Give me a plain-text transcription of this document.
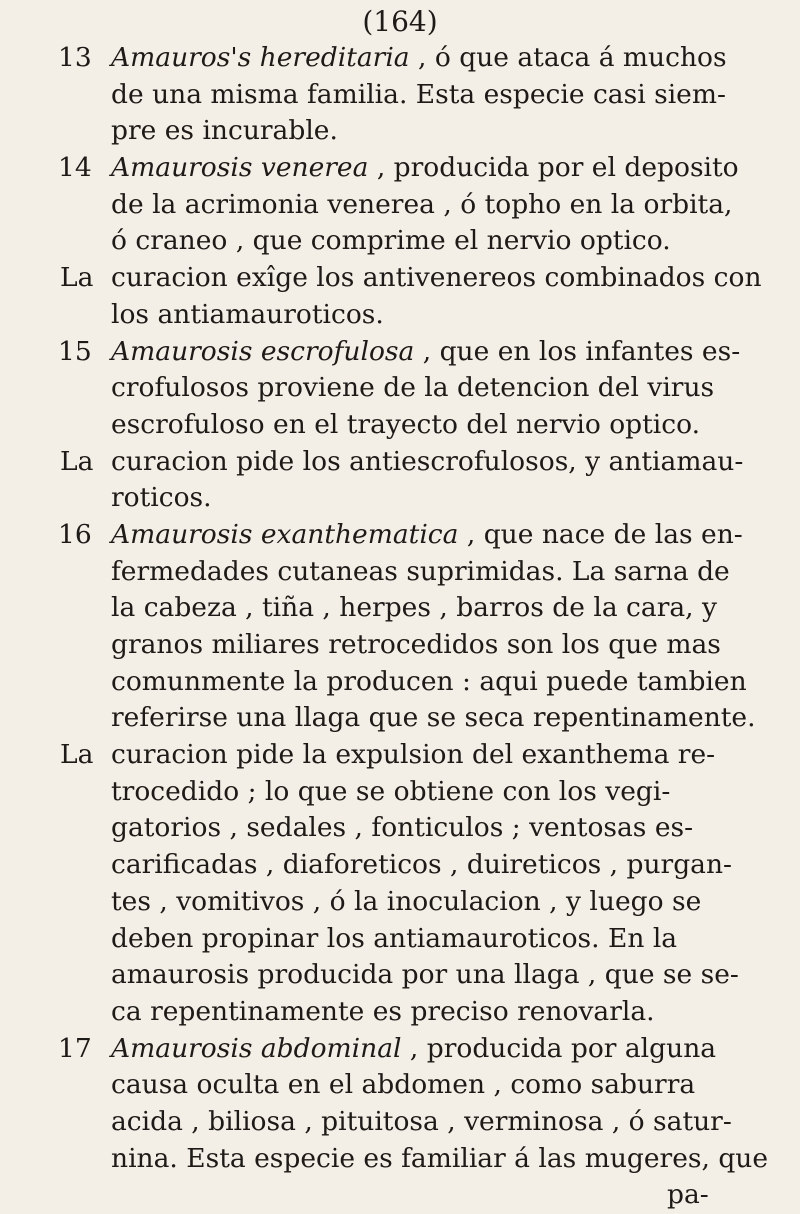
(164)
13 Amauros's hereditaria , ó que ataca á muchos
de una misma familia. Esta especie casi siem-
pre es incurable.
14 Amaurosis venerea , producida por el deposito
de la acrimonia venerea , ó topho en la orbita,
ó craneo , que comprime el nervio optico.
La curacion exîge los antivenereos combinados con
los antiamauroticos.
15 Amaurosis escrofulosa , que en los infantes es-
crofulosos proviene de la detencion del virus
escrofuloso en el trayecto del nervio optico.
La curacion pide los antiescrofulosos, y antiamau-
roticos.
16 Amaurosis exanthematica , que nace de las en-
fermedades cutaneas suprimidas. La sarna de
la cabeza , tiña , herpes , barros de la cara, y
granos miliares retrocedidos son los que mas
comunmente la producen : aqui puede tambien
referirse una llaga que se seca repentinamente.
La curacion pide la expulsion del exanthema re-
trocedido ; lo que se obtiene con los vegi-
gatorios , sedales , fonticulos ; ventosas es-
carificadas , diaforeticos , duireticos , purgan-
tes , vomitivos , ó la inoculacion , y luego se
deben propinar los antiamauroticos. En la
amaurosis producida por una llaga , que se se-
ca repentinamente es preciso renovarla.
17 Amaurosis abdominal , producida por alguna
causa oculta en el abdomen , como saburra
acida , biliosa , pituitosa , verminosa , ó satur-
nina. Esta especie es familiar á las mugeres, que
pa-
